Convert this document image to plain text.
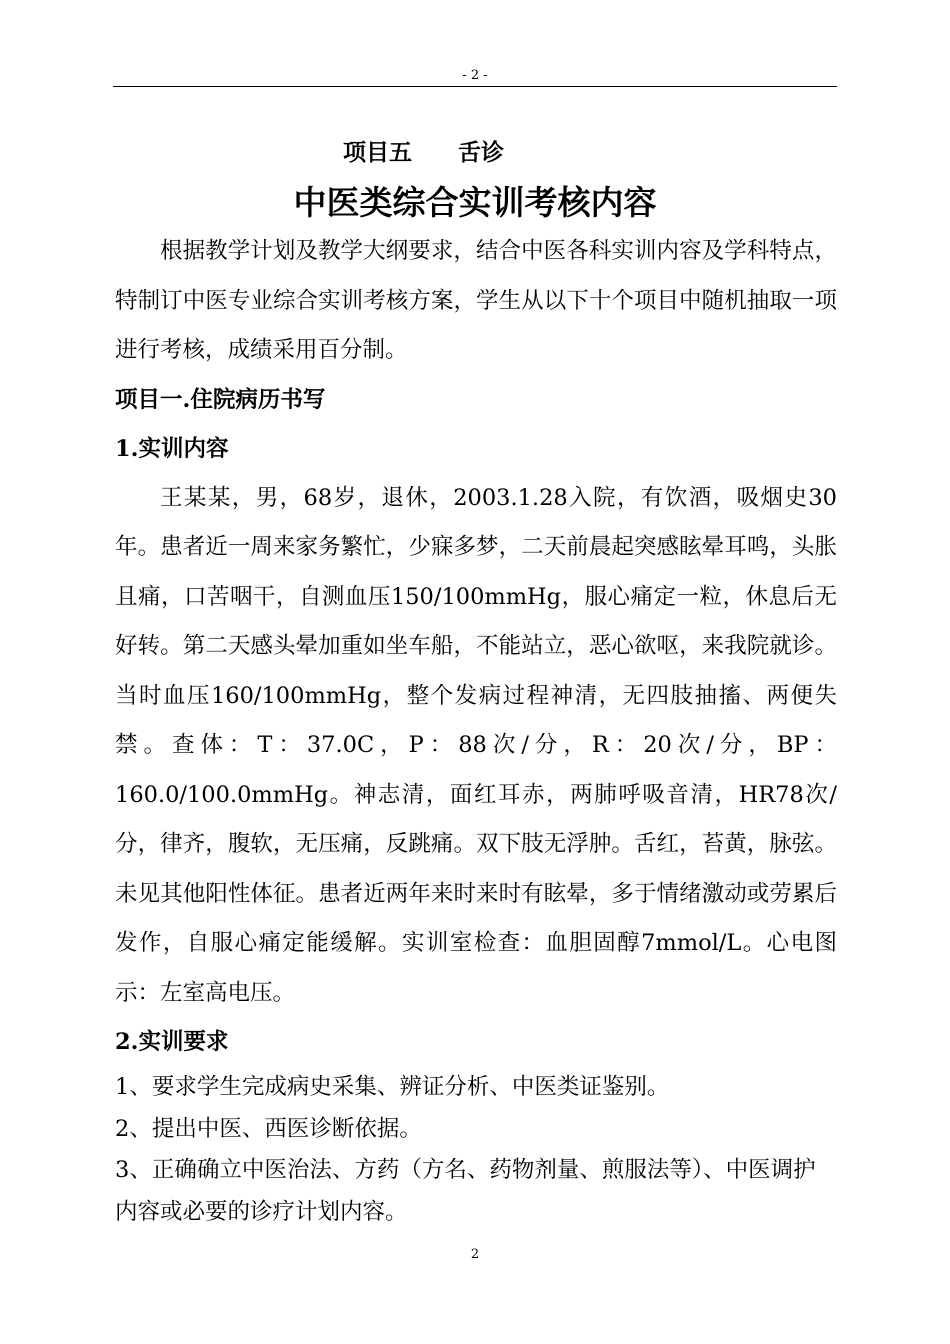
- 2 -
项目五　　舌诊
中医类综合实训考核内容

根据教学计划及教学大纲要求，结合中医各科实训内容及学科特点，特制订中医专业综合实训考核方案，学生从以下十个项目中随机抽取一项进行考核，成绩采用百分制。

项目一.住院病历书写

1.实训内容

王某某，男，68岁，退休，2003.1.28入院，有饮酒，吸烟史30年。患者近一周来家务繁忙，少寐多梦，二天前晨起突感眩晕耳鸣，头胀且痛，口苦咽干，自测血压150/100mmHg，服心痛定一粒，休息后无好转。第二天感头晕加重如坐车船，不能站立，恶心欲呕，来我院就诊。当时血压160/100mmHg，整个发病过程神清，无四肢抽搐、两便失禁。查体：T：37.0C，P：88次/分，R：20次/分，BP：160.0/100.0mmHg。神志清，面红耳赤，两肺呼吸音清，HR78次/分，律齐，腹软，无压痛，反跳痛。双下肢无浮肿。舌红，苔黄，脉弦。未见其他阳性体征。患者近两年来时来时有眩晕，多于情绪激动或劳累后发作，自服心痛定能缓解。实训室检查：血胆固醇7mmol/L。心电图示：左室高电压。

2.实训要求

1、要求学生完成病史采集、辨证分析、中医类证鉴别。

2、提出中医、西医诊断依据。

3、正确确立中医治法、方药（方名、药物剂量、煎服法等）、中医调护内容或必要的诊疗计划内容。

2
